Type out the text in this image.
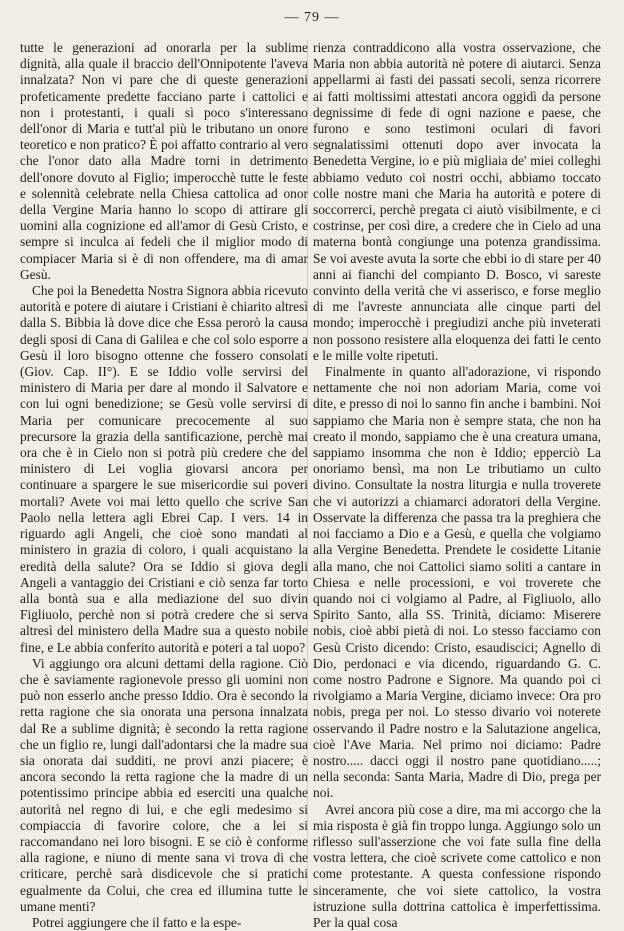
— 79 —

tutte le generazioni ad onorarla per la sublime dignità, alla quale il braccio dell'Onnipotente l'aveva innalzata? Non vi pare che di queste generazioni profeticamente predette facciano parte i cattolici e non i protestanti, i quali sì poco s'interessano dell'onor di Maria e tutt'al più le tributano un onore teoretico e non pratico? È poi affatto contrario al vero che l'onor dato alla Madre torni in detrimento dell'onore dovuto al Figlio; imperocchè tutte le feste e solennità celebrate nella Chiesa cattolica ad onor della Vergine Maria hanno lo scopo di attirare gli uomini alla cognizione ed all'amor di Gesù Cristo, e sempre si inculca ai fedeli che il miglior modo di compiacer Maria si è di non offendere, ma di amar Gesù.

Che poi la Benedetta Nostra Signora abbia ricevuto autorità e potere di aiutare i Cristiani è chiarito altresì dalla S. Bibbia là dove dice che Essa perorò la causa degli sposi di Cana di Galilea e che col solo esporre a Gesù il loro bisogno ottenne che fossero consolati (Giov. Cap. II°). E se Iddio volle servirsi del ministero di Maria per dare al mondo il Salvatore e con lui ogni benedizione; se Gesù volle servirsi di Maria per comunicare precocemente al suo precursore la grazia della santificazione, perchè mai ora che è in Cielo non si potrà più credere che del ministero di Lei voglia giovarsi ancora per continuare a spargere le sue misericordie sui poveri mortali? Avete voi mai letto quello che scrive San Paolo nella lettera agli Ebrei Cap. I vers. 14 in riguardo agli Angeli, che cioè sono mandati al ministero in grazia di coloro, i quali acquistano la eredità della salute? Ora se Iddio si giova degli Angeli a vantaggio dei Cristiani e ciò senza far torto alla bontà sua e alla mediazione del suo divin Figliuolo, perchè non si potrà credere che si serva altresì del ministero della Madre sua a questo nobile fine, e Le abbia conferito autorità e poteri a tal uopo?

Vi aggiungo ora alcuni dettami della ragione. Ciò che è saviamente ragionevole presso gli uomini non può non esserlo anche presso Iddio. Ora è secondo la retta ragione che sia onorata una persona innalzata dal Re a sublime dignità; è secondo la retta ragione che un figlio re, lungi dall'adontarsi che la madre sua sia onorata dai sudditi, ne provi anzi piacere; è ancora secondo la retta ragione che la madre di un potentissimo principe abbia ed eserciti una qualche autorità nel regno di lui, e che egli medesimo si compiaccia di favorire colore, che a lei si raccomandano nei loro bisogni. E se ciò è conforme alla ragione, e niuno di mente sana vi trova di che criticare, perchè sarà disdicevole che si pratichi egualmente da Colui, che crea ed illumina tutte le umane menti?

Potrei aggiungere che il fatto e la espe-

rienza contraddicono alla vostra osservazione, che Maria non abbia autorità nè potere di aiutarci. Senza appellarmi ai fasti dei passati secoli, senza ricorrere ai fatti moltissimi attestati ancora oggidì da persone degnissime di fede di ogni nazione e paese, che furono e sono testimoni oculari di favori segnalatissimi ottenuti dopo aver invocata la Benedetta Vergine, io e più migliaia de' miei colleghi abbiamo veduto coi nostri occhi, abbiamo toccato colle nostre mani che Maria ha autorità e potere di soccorrerci, perchè pregata ci aiutò visibilmente, e ci costrinse, per così dire, a credere che in Cielo ad una materna bontà congiunge una potenza grandissima. Se voi aveste avuta la sorte che ebbi io di stare per 40 anni ai fianchi del compianto D. Bosco, vi sareste convinto della verità che vi asserisco, e forse meglio di me l'avreste annunciata alle cinque parti del mondo; imperocchè i pregiudizi anche più inveterati non possono resistere alla eloquenza dei fatti le cento e le mille volte ripetuti.

Finalmente in quanto all'adorazione, vi rispondo nettamente che noi non adoriam Maria, come voi dite, e presso di noi lo sanno fin anche i bambini. Noi sappiamo che Maria non è sempre stata, che non ha creato il mondo, sappiamo che è una creatura umana, sappiamo insomma che non è Iddio; epperciò La onoriamo bensì, ma non Le tributiamo un culto divino. Consultate la nostra liturgia e nulla troverete che vi autorizzi a chiamarci adoratori della Vergine. Osservate la differenza che passa tra la preghiera che noi facciamo a Dio e a Gesù, e quella che volgiamo alla Vergine Benedetta. Prendete le cosidette Litanie alla mano, che noi Cattolici siamo soliti a cantare in Chiesa e nelle processioni, e voi troverete che quando noi ci volgiamo al Padre, al Figliuolo, allo Spirito Santo, alla SS. Trinità, diciamo: Miserere nobis, cioè abbi pietà di noi. Lo stesso facciamo con Gesù Cristo dicendo: Cristo, esaudiscici; Agnello di Dio, perdonaci e via dicendo, riguardando G. C. come nostro Padrone e Signore. Ma quando poi ci rivolgiamo a Maria Vergine, diciamo invece: Ora pro nobis, prega per noi. Lo stesso divario voi noterete osservando il Padre nostro e la Salutazione angelica, cioè l'Ave Maria. Nel primo noi diciamo: Padre nostro..... dacci oggi il nostro pane quotidiano.....; nella seconda: Santa Maria, Madre di Dio, prega per noi.

Avrei ancora più cose a dire, ma mi accorgo che la mia risposta è già fin troppo lunga. Aggiungo solo un riflesso sull'asserzione che voi fate sulla fine della vostra lettera, che cioè scrivete come cattolico e non come protestante. A questa confessione rispondo sinceramente, che voi siete cattolico, la vostra istruzione sulla dottrina cattolica è imperfettissima. Per la qual cosa
